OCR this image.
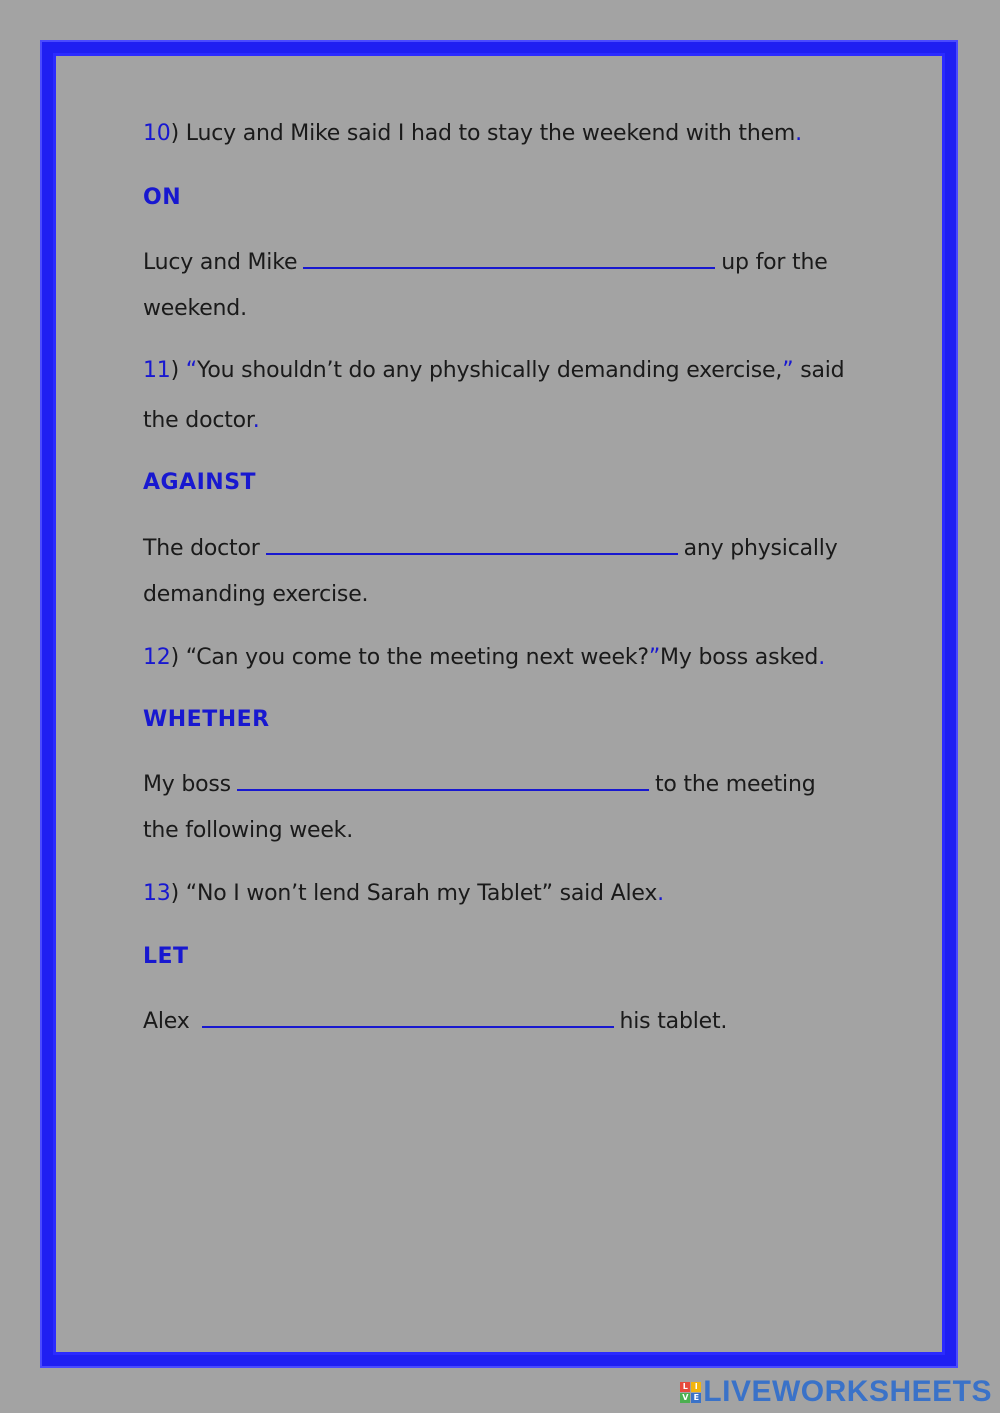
10) Lucy and Mike said I had to stay the weekend with them.
ON
Lucy and Mike	up for the
weekend.
11) “You shouldn’t do any physhically demanding exercise,” said
the doctor.
AGAINST
The doctor	any physically
demanding exercise.
12) “Can you come to the meeting next week?”My boss asked.
WHETHER
My boss	to the meeting
the following week.
13) “No I won’t lend Sarah my Tablet” said Alex.
LET
Alex	his tablet.
L I
V E LIVEWORKSHEETS
